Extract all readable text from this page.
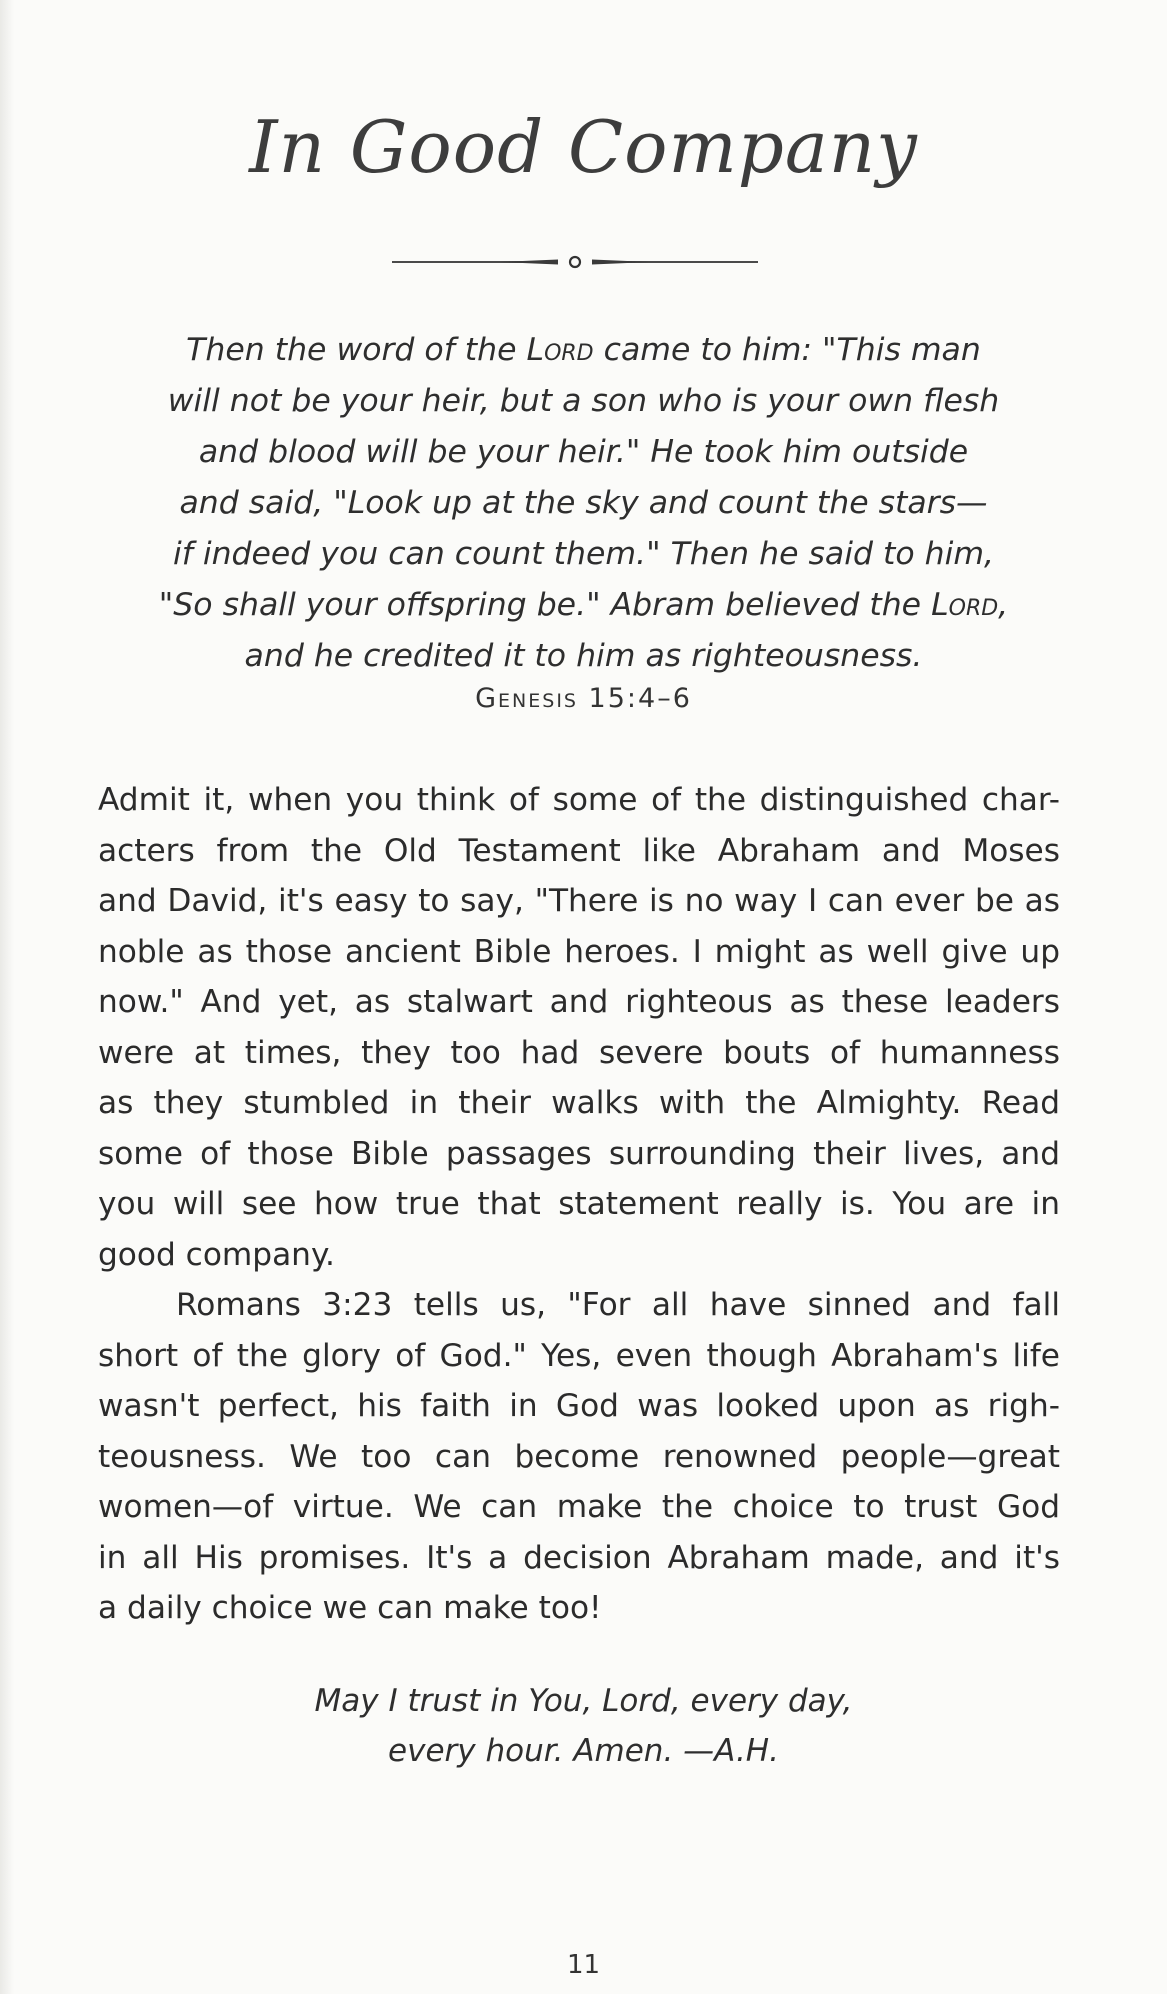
In Good Company
Then the word of the Lord came to him: "This man
will not be your heir, but a son who is your own flesh
and blood will be your heir." He took him outside
and said, "Look up at the sky and count the stars—
if indeed you can count them." Then he said to him,
"So shall your offspring be." Abram believed the Lord,
and he credited it to him as righteousness.
Genesis 15:4–6
Admit it, when you think of some of the distinguished char-
acters from the Old Testament like Abraham and Moses
and David, it's easy to say, "There is no way I can ever be as
noble as those ancient Bible heroes. I might as well give up
now." And yet, as stalwart and righteous as these leaders
were at times, they too had severe bouts of humanness
as they stumbled in their walks with the Almighty. Read
some of those Bible passages surrounding their lives, and
you will see how true that statement really is. You are in
good company.
Romans 3:23 tells us, "For all have sinned and fall
short of the glory of God." Yes, even though Abraham's life
wasn't perfect, his faith in God was looked upon as righ-
teousness. We too can become renowned people—great
women—of virtue. We can make the choice to trust God
in all His promises. It's a decision Abraham made, and it's
a daily choice we can make too!
May I trust in You, Lord, every day,
every hour. Amen. —A.H.
11
